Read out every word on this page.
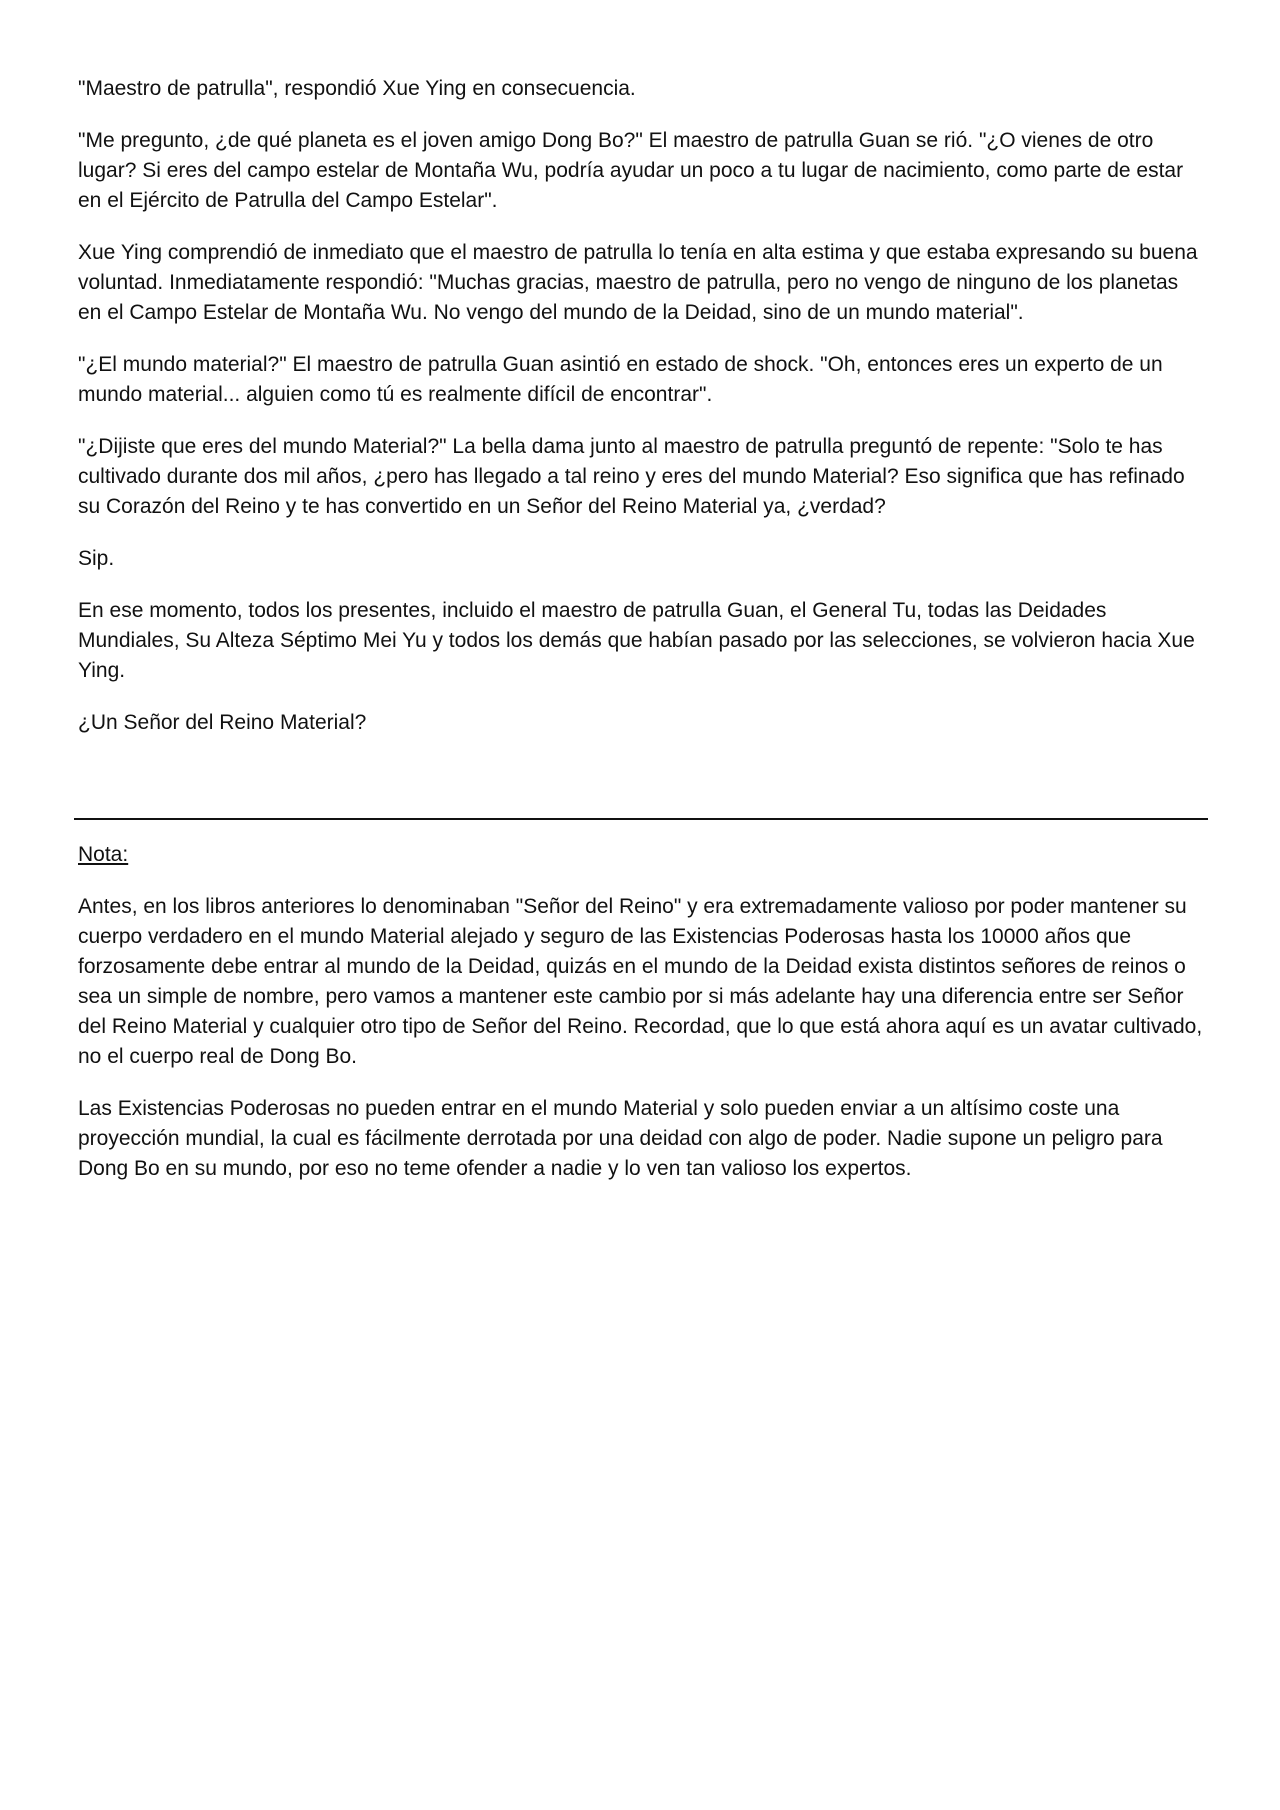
"Maestro de patrulla", respondió Xue Ying en consecuencia.

"Me pregunto, ¿de qué planeta es el joven amigo Dong Bo?" El maestro de patrulla Guan se rió. "¿O vienes de otro lugar? Si eres del campo estelar de Montaña Wu, podría ayudar un poco a tu lugar de nacimiento, como parte de estar en el Ejército de Patrulla del Campo Estelar".

Xue Ying comprendió de inmediato que el maestro de patrulla lo tenía en alta estima y que estaba expresando su buena voluntad. Inmediatamente respondió: "Muchas gracias, maestro de patrulla, pero no vengo de ninguno de los planetas en el Campo Estelar de Montaña Wu. No vengo del mundo de la Deidad, sino de un mundo material".

"¿El mundo material?" El maestro de patrulla Guan asintió en estado de shock. "Oh, entonces eres un experto de un mundo material... alguien como tú es realmente difícil de encontrar".

"¿Dijiste que eres del mundo Material?" La bella dama junto al maestro de patrulla preguntó de repente: "Solo te has cultivado durante dos mil años, ¿pero has llegado a tal reino y eres del mundo Material? Eso significa que has refinado su Corazón del Reino y te has convertido en un Señor del Reino Material ya, ¿verdad?

Sip.

En ese momento, todos los presentes, incluido el maestro de patrulla Guan, el General Tu, todas las Deidades Mundiales, Su Alteza Séptimo Mei Yu y todos los demás que habían pasado por las selecciones, se volvieron hacia Xue Ying.

¿Un Señor del Reino Material?

Nota:

Antes, en los libros anteriores lo denominaban "Señor del Reino" y era extremadamente valioso por poder mantener su cuerpo verdadero en el mundo Material alejado y seguro de las Existencias Poderosas hasta los 10000 años que forzosamente debe entrar al mundo de la Deidad, quizás en el mundo de la Deidad exista distintos señores de reinos o sea un simple de nombre, pero vamos a mantener este cambio por si más adelante hay una diferencia entre ser Señor del Reino Material y cualquier otro tipo de Señor del Reino. Recordad, que lo que está ahora aquí es un avatar cultivado, no el cuerpo real de Dong Bo.

Las Existencias Poderosas no pueden entrar en el mundo Material y solo pueden enviar a un altísimo coste una proyección mundial, la cual es fácilmente derrotada por una deidad con algo de poder. Nadie supone un peligro para Dong Bo en su mundo, por eso no teme ofender a nadie y lo ven tan valioso los expertos.
